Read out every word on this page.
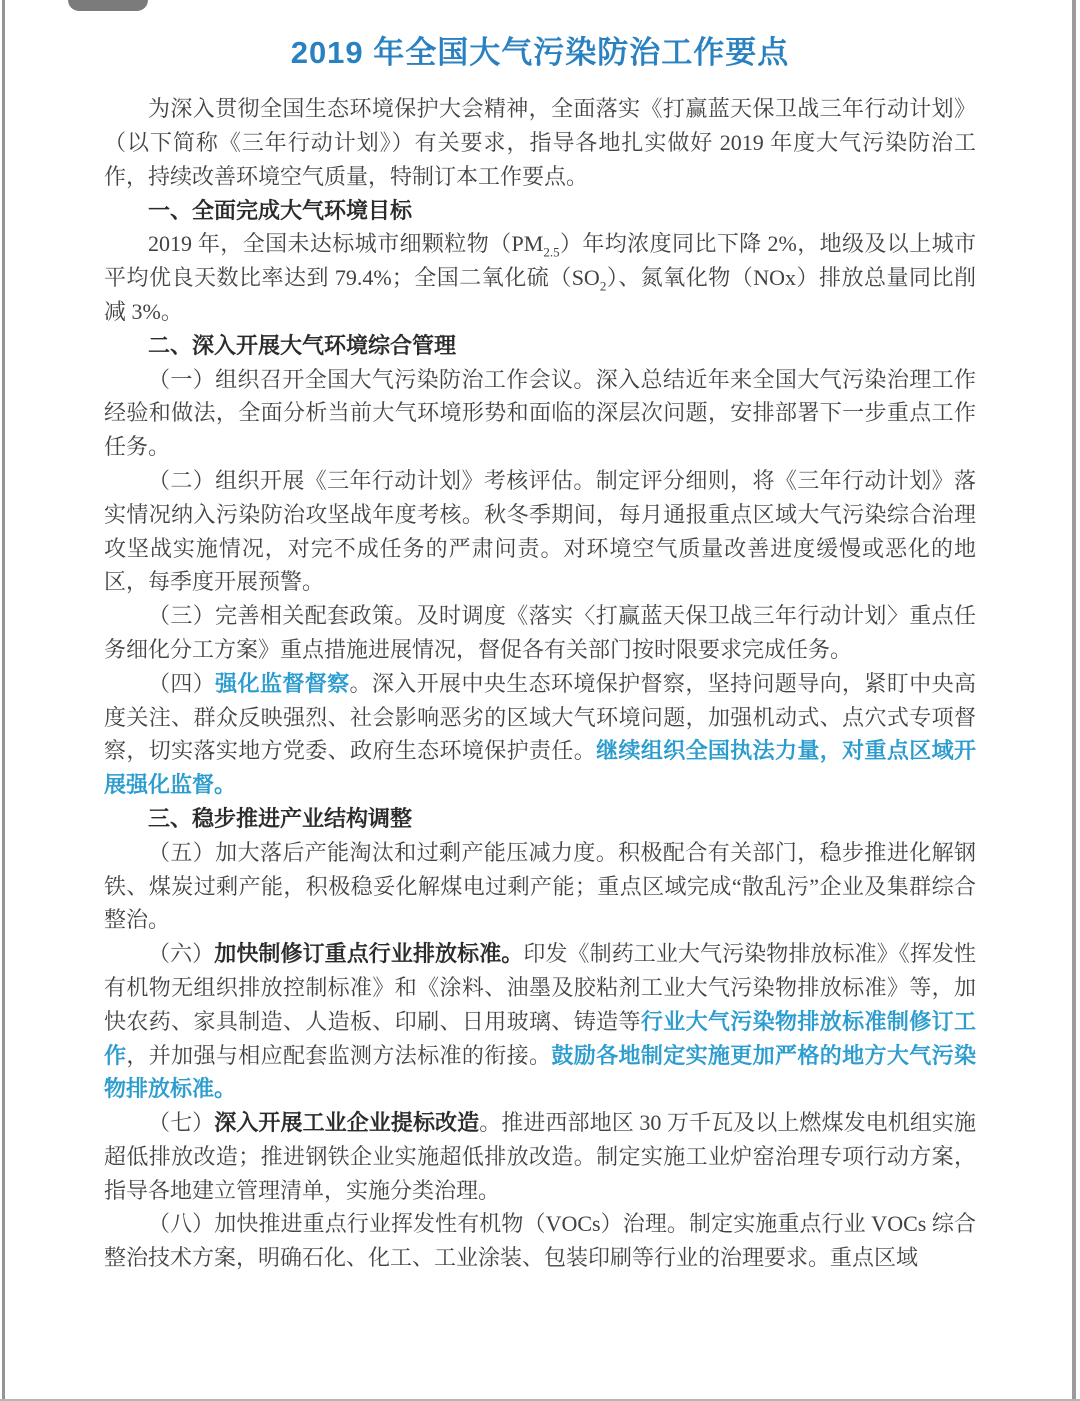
2019 年全国大气污染防治工作要点

为深入贯彻全国生态环境保护大会精神，全面落实《打赢蓝天保卫战三年行动计划》（以下简称《三年行动计划》）有关要求，指导各地扎实做好 2019 年度大气污染防治工作，持续改善环境空气质量，特制订本工作要点。

一、全面完成大气环境目标

2019 年，全国未达标城市细颗粒物$(PM_{2.5})$年均浓度同比下降 2%，地级及以上城市平均优良天数比率达到 79.4%；全国二氧化硫$(SO_2)$、氮氧化物（NOx）排放总量同比削减 3%。

二、深入开展大气环境综合管理

（一）组织召开全国大气污染防治工作会议。深入总结近年来全国大气污染治理工作经验和做法，全面分析当前大气环境形势和面临的深层次问题，安排部署下一步重点工作任务。

（二）组织开展《三年行动计划》考核评估。制定评分细则，将《三年行动计划》落实情况纳入污染防治攻坚战年度考核。秋冬季期间，每月通报重点区域大气污染综合治理攻坚战实施情况，对完不成任务的严肃问责。对环境空气质量改善进度缓慢或恶化的地区，每季度开展预警。

（三）完善相关配套政策。及时调度《落实〈打赢蓝天保卫战三年行动计划〉重点任务细化分工方案》重点措施进展情况，督促各有关部门按时限要求完成任务。

（四）强化监督督察。深入开展中央生态环境保护督察，坚持问题导向，紧盯中央高度关注、群众反映强烈、社会影响恶劣的区域大气环境问题，加强机动式、点穴式专项督察，切实落实地方党委、政府生态环境保护责任。继续组织全国执法力量，对重点区域开展强化监督。

三、稳步推进产业结构调整

（五）加大落后产能淘汰和过剩产能压减力度。积极配合有关部门，稳步推进化解钢铁、煤炭过剩产能，积极稳妥化解煤电过剩产能；重点区域完成“散乱污”企业及集群综合整治。

（六）加快制修订重点行业排放标准。印发《制药工业大气污染物排放标准》《挥发性有机物无组织排放控制标准》和《涂料、油墨及胶粘剂工业大气污染物排放标准》等，加快农药、家具制造、人造板、印刷、日用玻璃、铸造等行业大气污染物排放标准制修订工作，并加强与相应配套监测方法标准的衔接。鼓励各地制定实施更加严格的地方大气污染物排放标准。

（七）深入开展工业企业提标改造。推进西部地区 30 万千瓦及以上燃煤发电机组实施超低排放改造；推进钢铁企业实施超低排放改造。制定实施工业炉窑治理专项行动方案，指导各地建立管理清单，实施分类治理。

（八）加快推进重点行业挥发性有机物（VOCs）治理。制定实施重点行业 VOCs 综合整治技术方案，明确石化、化工、工业涂装、包装印刷等行业的治理要求。重点区域
